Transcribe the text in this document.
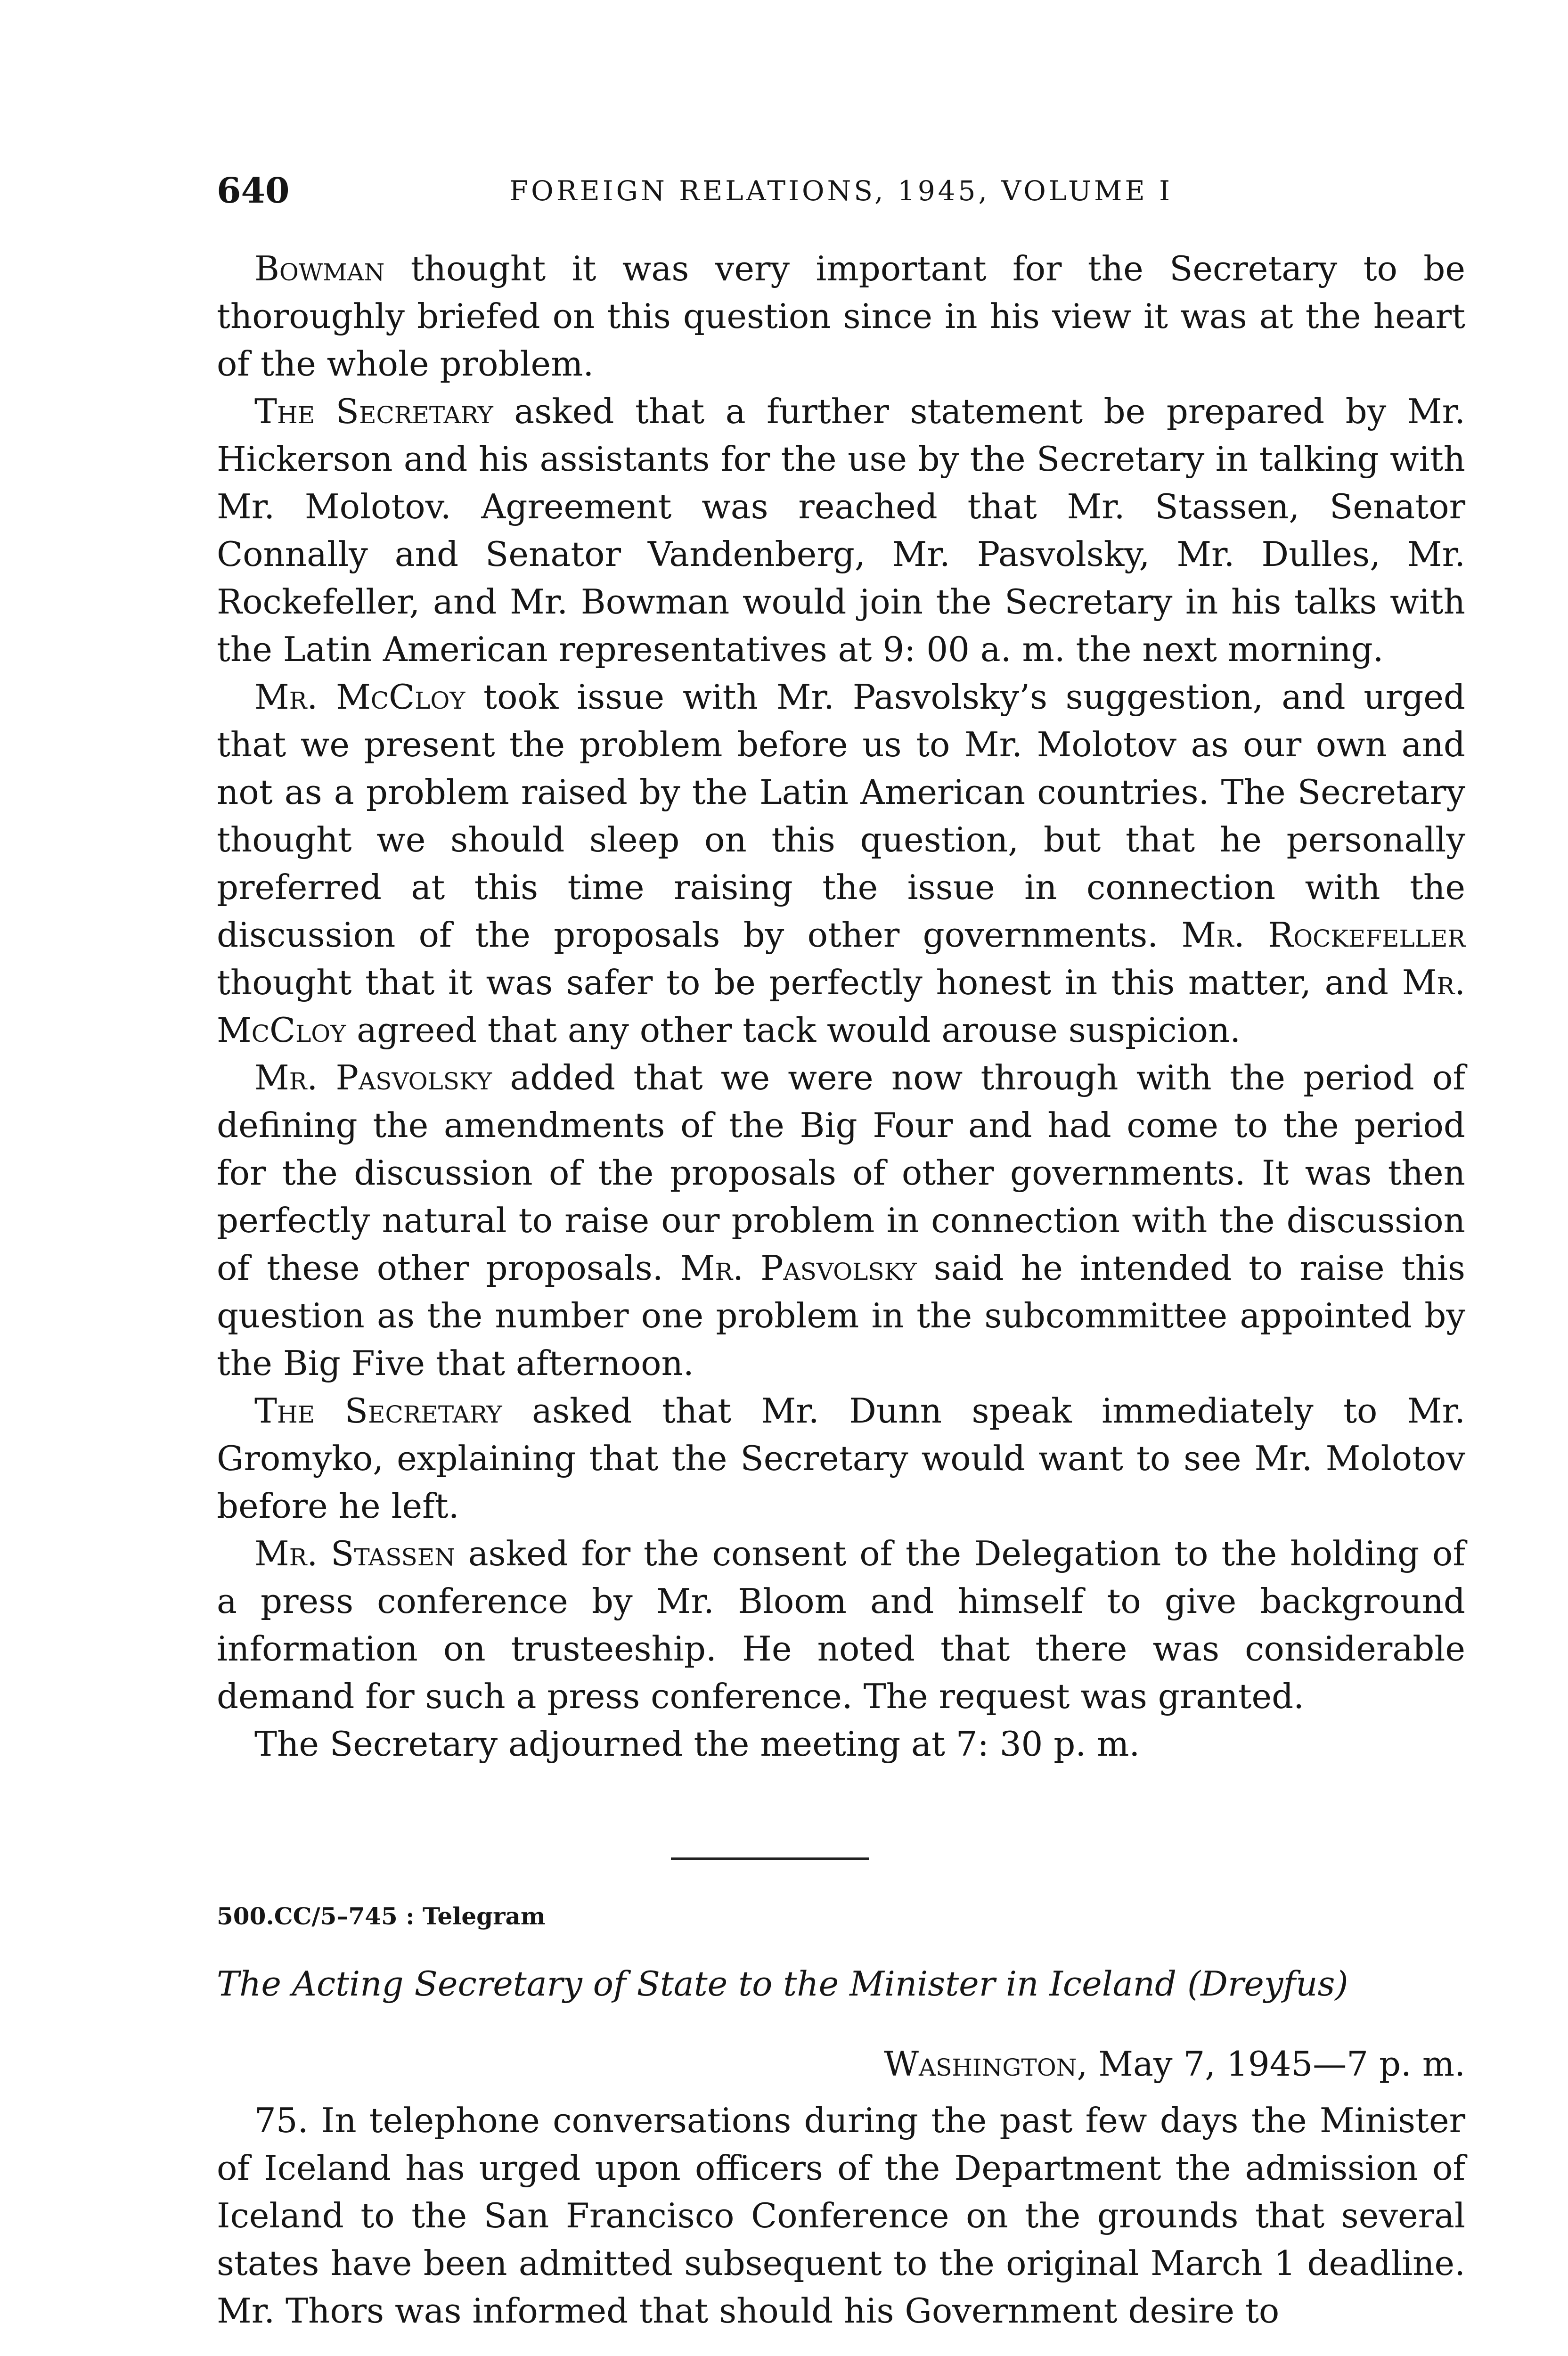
640	FOREIGN RELATIONS, 1945, VOLUME I

Bowman thought it was very important for the Secretary to be thoroughly briefed on this question since in his view it was at the heart of the whole problem.

The Secretary asked that a further statement be prepared by Mr. Hickerson and his assistants for the use by the Secretary in talking with Mr. Molotov. Agreement was reached that Mr. Stassen, Senator Connally and Senator Vandenberg, Mr. Pasvolsky, Mr. Dulles, Mr. Rockefeller, and Mr. Bowman would join the Secretary in his talks with the Latin American representatives at 9: 00 a. m. the next morning.

Mr. McCloy took issue with Mr. Pasvolsky’s suggestion, and urged that we present the problem before us to Mr. Molotov as our own and not as a problem raised by the Latin American countries. The Secretary thought we should sleep on this question, but that he personally preferred at this time raising the issue in connection with the discussion of the proposals by other governments. Mr. Rockefeller thought that it was safer to be perfectly honest in this matter, and Mr. McCloy agreed that any other tack would arouse suspicion.

Mr. Pasvolsky added that we were now through with the period of defining the amendments of the Big Four and had come to the period for the discussion of the proposals of other governments. It was then perfectly natural to raise our problem in connection with the discussion of these other proposals. Mr. Pasvolsky said he intended to raise this question as the number one problem in the subcommittee appointed by the Big Five that afternoon.

The Secretary asked that Mr. Dunn speak immediately to Mr. Gromyko, explaining that the Secretary would want to see Mr. Molotov before he left.

Mr. Stassen asked for the consent of the Delegation to the holding of a press conference by Mr. Bloom and himself to give background information on trusteeship. He noted that there was considerable demand for such a press conference. The request was granted.

The Secretary adjourned the meeting at 7: 30 p. m.

500.CC/5–745 : Telegram
The Acting Secretary of State to the Minister in Iceland (Dreyfus)
Washington, May 7, 1945—7 p. m.

75. In telephone conversations during the past few days the Minister of Iceland has urged upon officers of the Department the admission of Iceland to the San Francisco Conference on the grounds that several states have been admitted subsequent to the original March 1 deadline. Mr. Thors was informed that should his Government desire to
